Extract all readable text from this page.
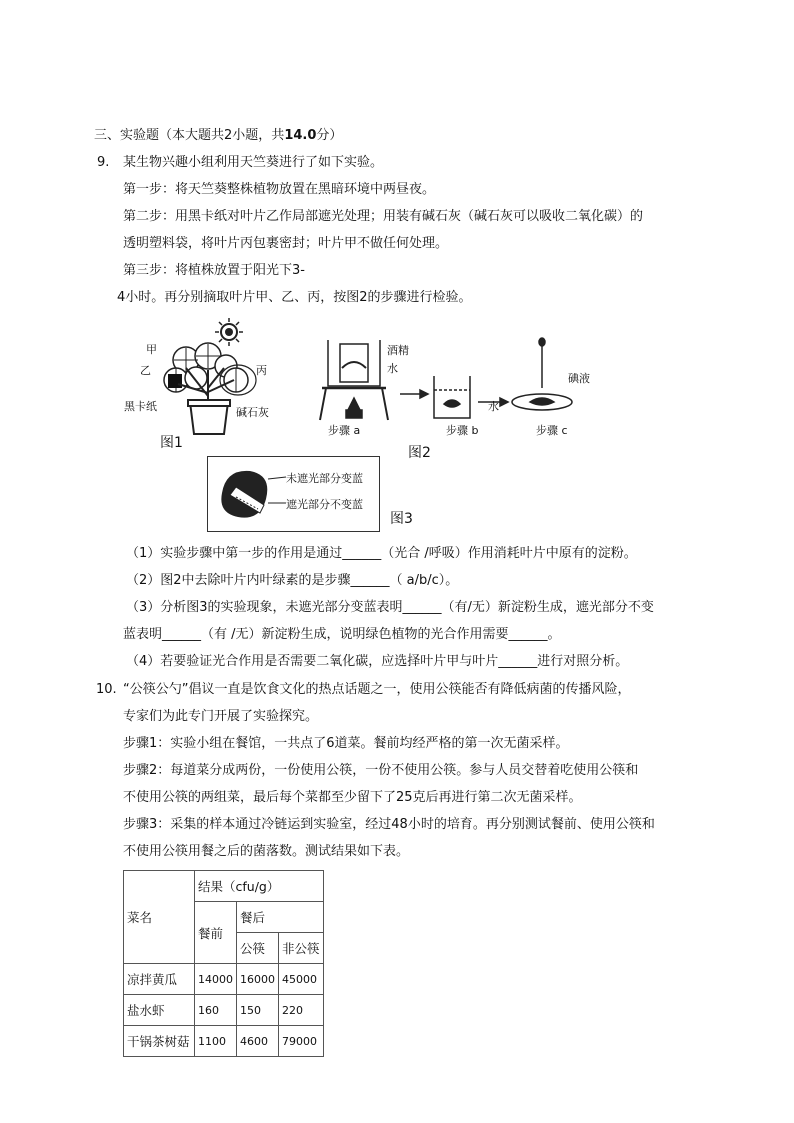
三、实验题（本大题共2小题，共14.0分）
9. 某生物兴趣小组利用天竺葵进行了如下实验。
第一步：将天竺葵整株植物放置在黑暗环境中两昼夜。
第二步：用黑卡纸对叶片乙作局部遮光处理；用装有碱石灰（碱石灰可以吸收二氧化碳）的
透明塑料袋，将叶片丙包裹密封；叶片甲不做任何处理。
第三步：将植株放置于阳光下3-
4小时。再分别摘取叶片甲、乙、丙，按图2的步骤进行检验。
甲
乙	丙
黑卡纸	碱石灰
图1
酒精
水
水
碘液
步骤 a	步骤 b	步骤 c
图2
未遮光部分变蓝
遮光部分不变蓝
图3
（1）实验步骤中第一步的作用是通过______（光合 /呼吸）作用消耗叶片中原有的淀粉。
（2）图2中去除叶片内叶绿素的是步骤______（ a/b/c）。
（3）分析图3的实验现象，未遮光部分变蓝表明______（有/无）新淀粉生成，遮光部分不变
蓝表明______（有 /无）新淀粉生成，说明绿色植物的光合作用需要______。
（4）若要验证光合作用是否需要二氧化碳，应选择叶片甲与叶片______进行对照分析。
10. “公筷公勺”倡议一直是饮食文化的热点话题之一，使用公筷能否有降低病菌的传播风险，
专家们为此专门开展了实验探究。
步骤1：实验小组在餐馆，一共点了6道菜。餐前均经严格的第一次无菌采样。
步骤2：每道菜分成两份，一份使用公筷，一份不使用公筷。参与人员交替着吃使用公筷和
不使用公筷的两组菜，最后每个菜都至少留下了25克后再进行第二次无菌采样。
步骤3：采集的样本通过冷链运到实验室，经过48小时的培育。再分别测试餐前、使用公筷和
不使用公筷用餐之后的菌落数。测试结果如下表。
菜名	结果（cfu/g）		
	餐前	餐后	
		公筷	非公筷
凉拌黄瓜	14000	16000	45000
盐水虾	160	150	220
干锅茶树菇	1100	4600	79000
